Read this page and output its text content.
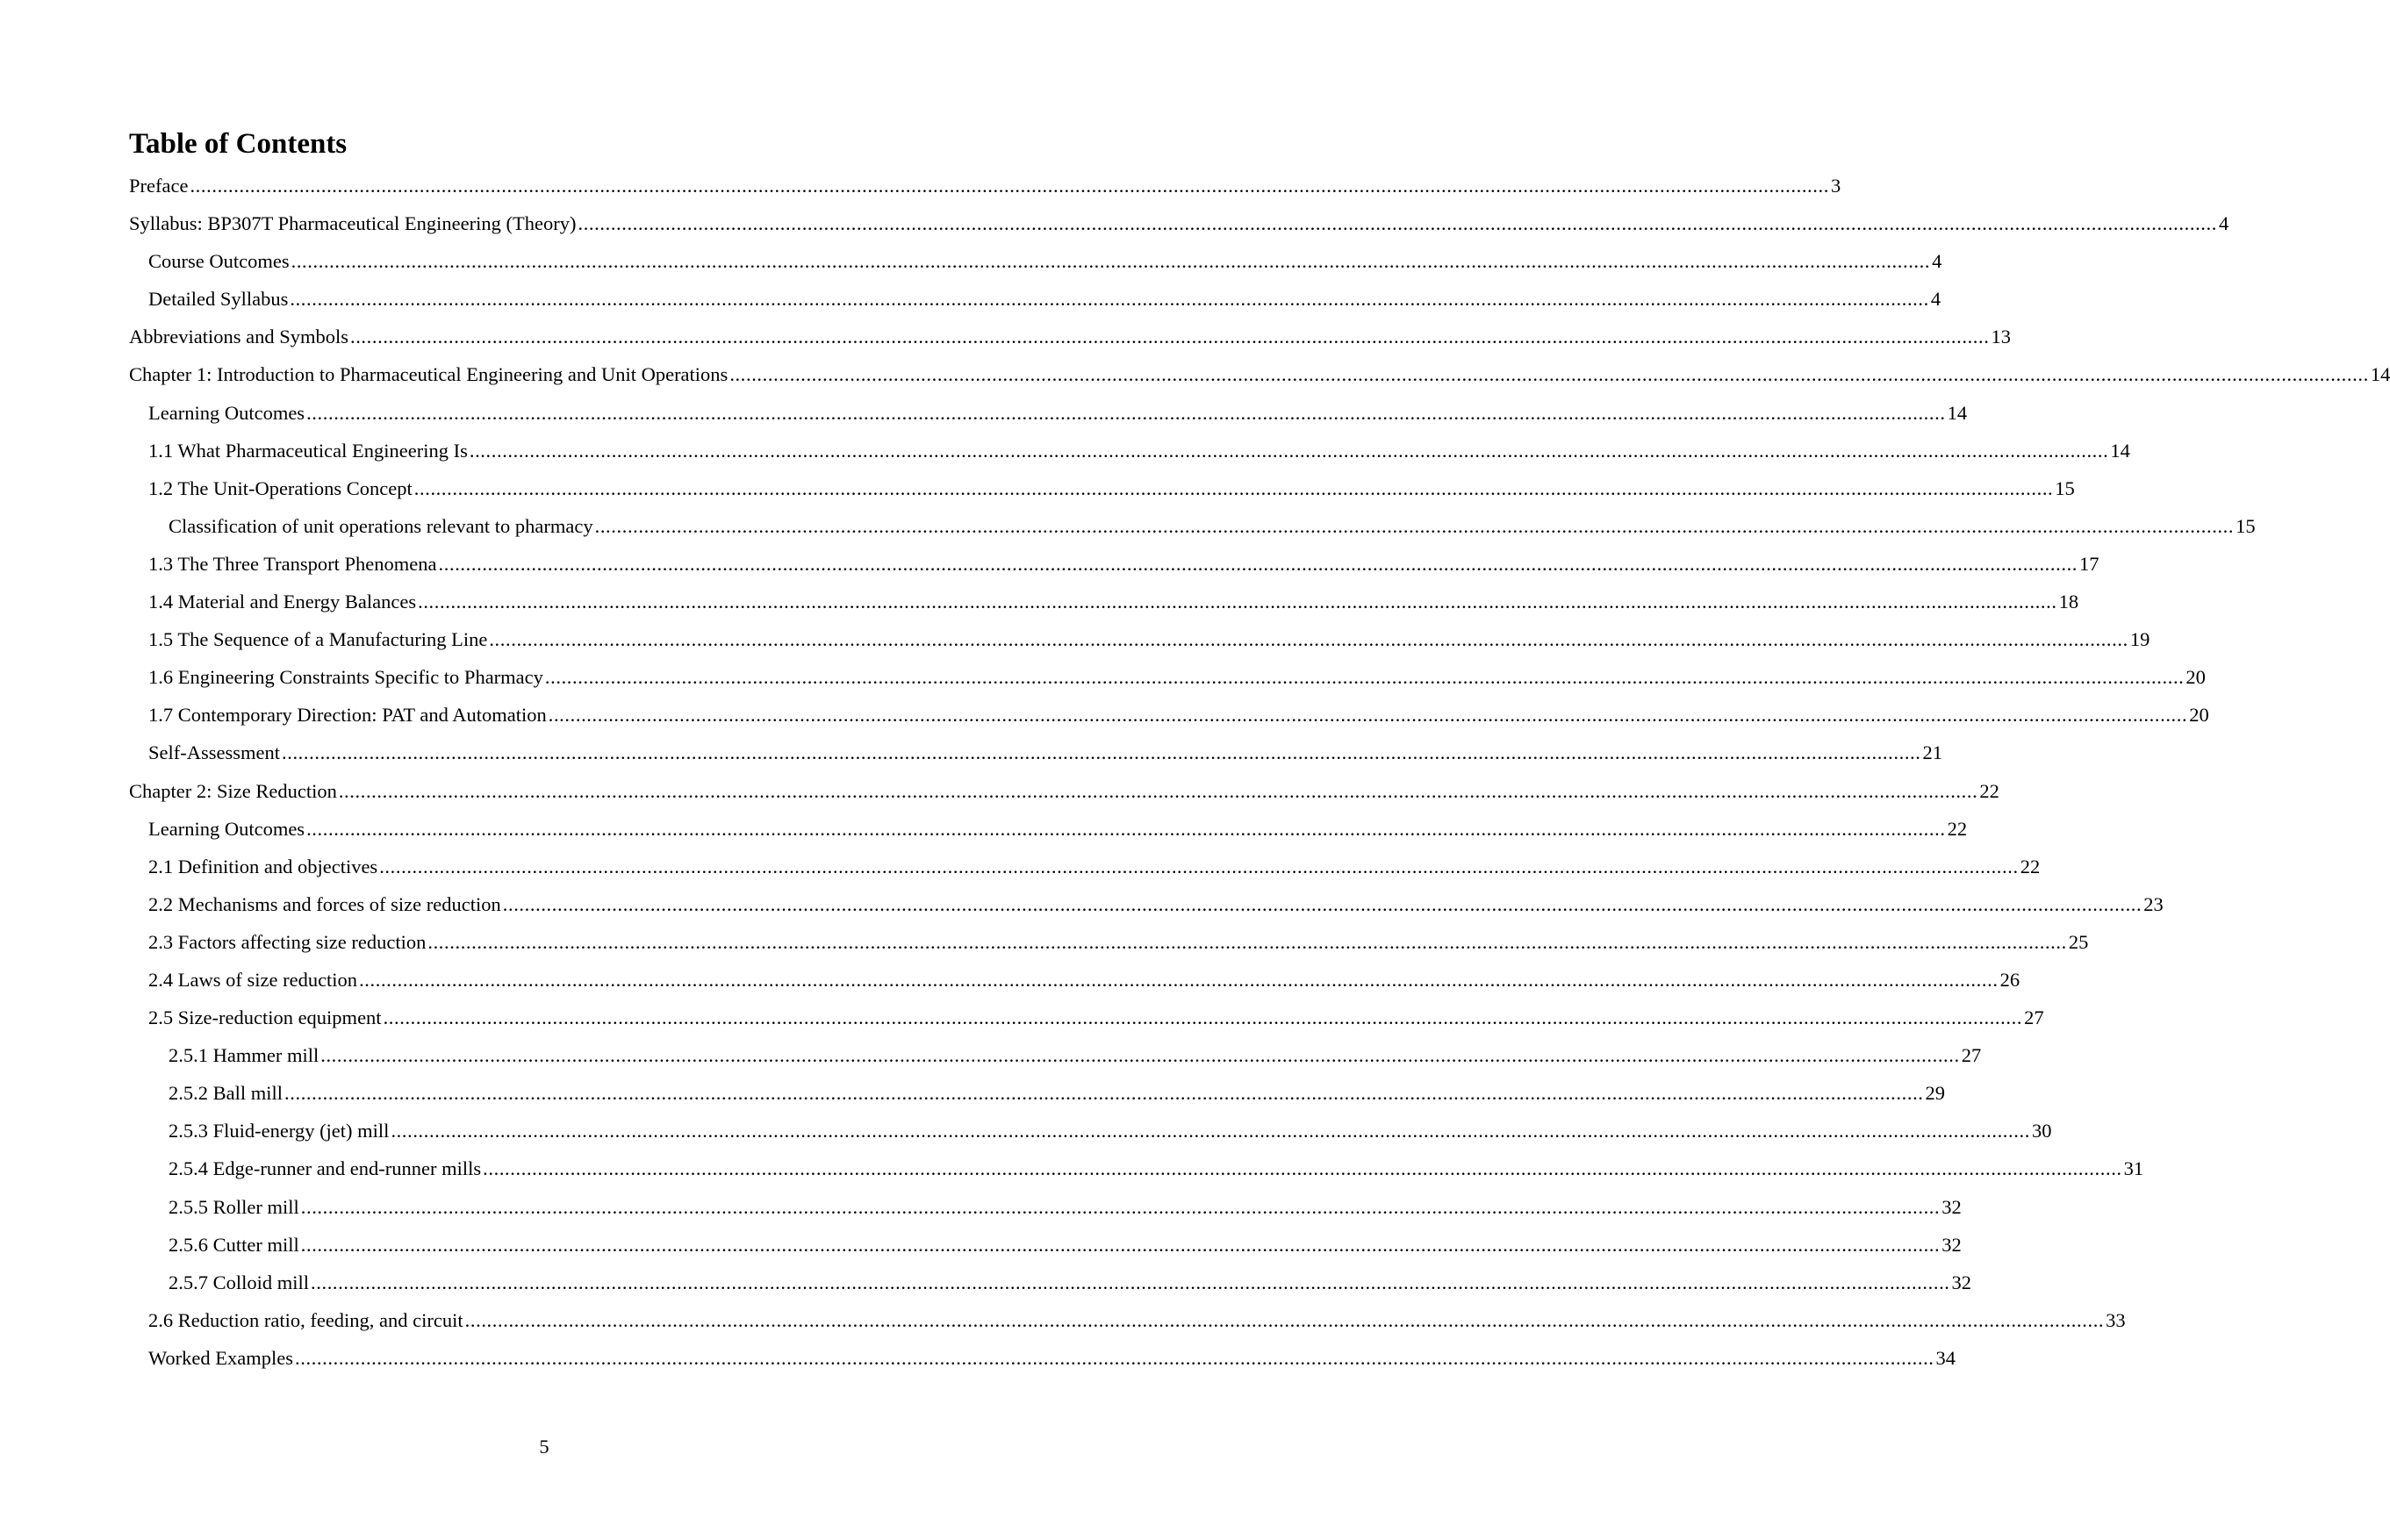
Table of Contents
Preface ............................................................................................................................................................................................................................................................................................................ 3
Syllabus: BP307T Pharmaceutical Engineering (Theory) ............................................................................................................................................................................................................................................................................................................ 4
Course Outcomes ............................................................................................................................................................................................................................................................................................................ 4
Detailed Syllabus ............................................................................................................................................................................................................................................................................................................ 4
Abbreviations and Symbols ............................................................................................................................................................................................................................................................................................................ 13
Chapter 1: Introduction to Pharmaceutical Engineering and Unit Operations ............................................................................................................................................................................................................................................................................................................ 14
Learning Outcomes ............................................................................................................................................................................................................................................................................................................ 14
1.1 What Pharmaceutical Engineering Is ............................................................................................................................................................................................................................................................................................................ 14
1.2 The Unit-Operations Concept ............................................................................................................................................................................................................................................................................................................ 15
Classification of unit operations relevant to pharmacy ............................................................................................................................................................................................................................................................................................................ 15
1.3 The Three Transport Phenomena ............................................................................................................................................................................................................................................................................................................ 17
1.4 Material and Energy Balances ............................................................................................................................................................................................................................................................................................................ 18
1.5 The Sequence of a Manufacturing Line ............................................................................................................................................................................................................................................................................................................ 19
1.6 Engineering Constraints Specific to Pharmacy ............................................................................................................................................................................................................................................................................................................ 20
1.7 Contemporary Direction: PAT and Automation ............................................................................................................................................................................................................................................................................................................ 20
Self-Assessment ............................................................................................................................................................................................................................................................................................................ 21
Chapter 2: Size Reduction ............................................................................................................................................................................................................................................................................................................ 22
Learning Outcomes ............................................................................................................................................................................................................................................................................................................ 22
2.1 Definition and objectives ............................................................................................................................................................................................................................................................................................................ 22
2.2 Mechanisms and forces of size reduction ............................................................................................................................................................................................................................................................................................................ 23
2.3 Factors affecting size reduction ............................................................................................................................................................................................................................................................................................................ 25
2.4 Laws of size reduction ............................................................................................................................................................................................................................................................................................................ 26
2.5 Size-reduction equipment ............................................................................................................................................................................................................................................................................................................ 27
2.5.1 Hammer mill ............................................................................................................................................................................................................................................................................................................ 27
2.5.2 Ball mill ............................................................................................................................................................................................................................................................................................................ 29
2.5.3 Fluid-energy (jet) mill ............................................................................................................................................................................................................................................................................................................ 30
2.5.4 Edge-runner and end-runner mills ............................................................................................................................................................................................................................................................................................................ 31
2.5.5 Roller mill ............................................................................................................................................................................................................................................................................................................ 32
2.5.6 Cutter mill ............................................................................................................................................................................................................................................................................................................ 32
2.5.7 Colloid mill ............................................................................................................................................................................................................................................................................................................ 32
2.6 Reduction ratio, feeding, and circuit ............................................................................................................................................................................................................................................................................................................ 33
Worked Examples ............................................................................................................................................................................................................................................................................................................ 34
5
